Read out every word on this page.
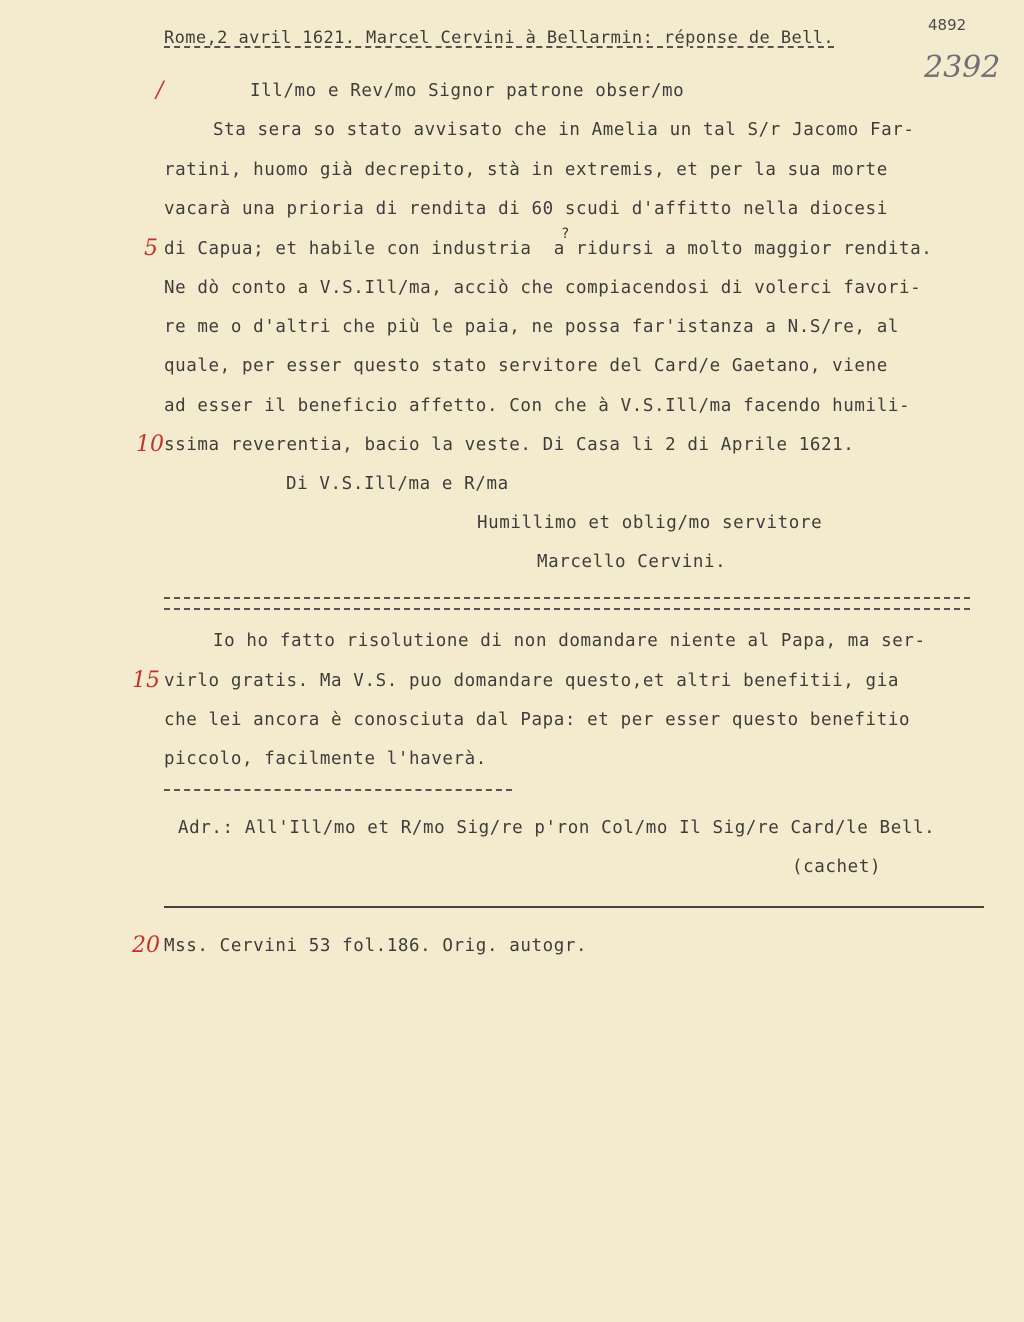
Rome,2 avril 1621. Marcel Cervini à Bellarmin: réponse de Bell.
4892
2392
/
5
10
15
20
Ill/mo e Rev/mo Signor patrone obser/mo
Sta sera so stato avvisato che in Amelia un tal S/r Jacomo Far-
ratini, huomo già decrepito, stà in extremis, et per la sua morte
vacarà una prioria di rendita di 60 scudi d'affitto nella diocesi
di Capua; et habile con industria  a ridursi a molto maggior rendita.
?
Ne dò conto a V.S.Ill/ma, acciò che compiacendosi di volerci favori-
re me o d'altri che più le paia, ne possa far'istanza a N.S/re, al
quale, per esser questo stato servitore del Card/e Gaetano, viene
ad esser il beneficio affetto. Con che à V.S.Ill/ma facendo humili-
ssima reverentia, bacio la veste. Di Casa li 2 di Aprile 1621.
Di V.S.Ill/ma e R/ma
Humillimo et oblig/mo servitore
Marcello Cervini.
Io ho fatto risolutione di non domandare niente al Papa, ma ser-
virlo gratis. Ma V.S. puo domandare questo,et altri benefitii, gia
che lei ancora è conosciuta dal Papa: et per esser questo benefitio
piccolo, facilmente l'haverà.
Adr.: All'Ill/mo et R/mo Sig/re p'ron Col/mo Il Sig/re Card/le Bell.
(cachet)
Mss. Cervini 53 fol.186. Orig. autogr.
